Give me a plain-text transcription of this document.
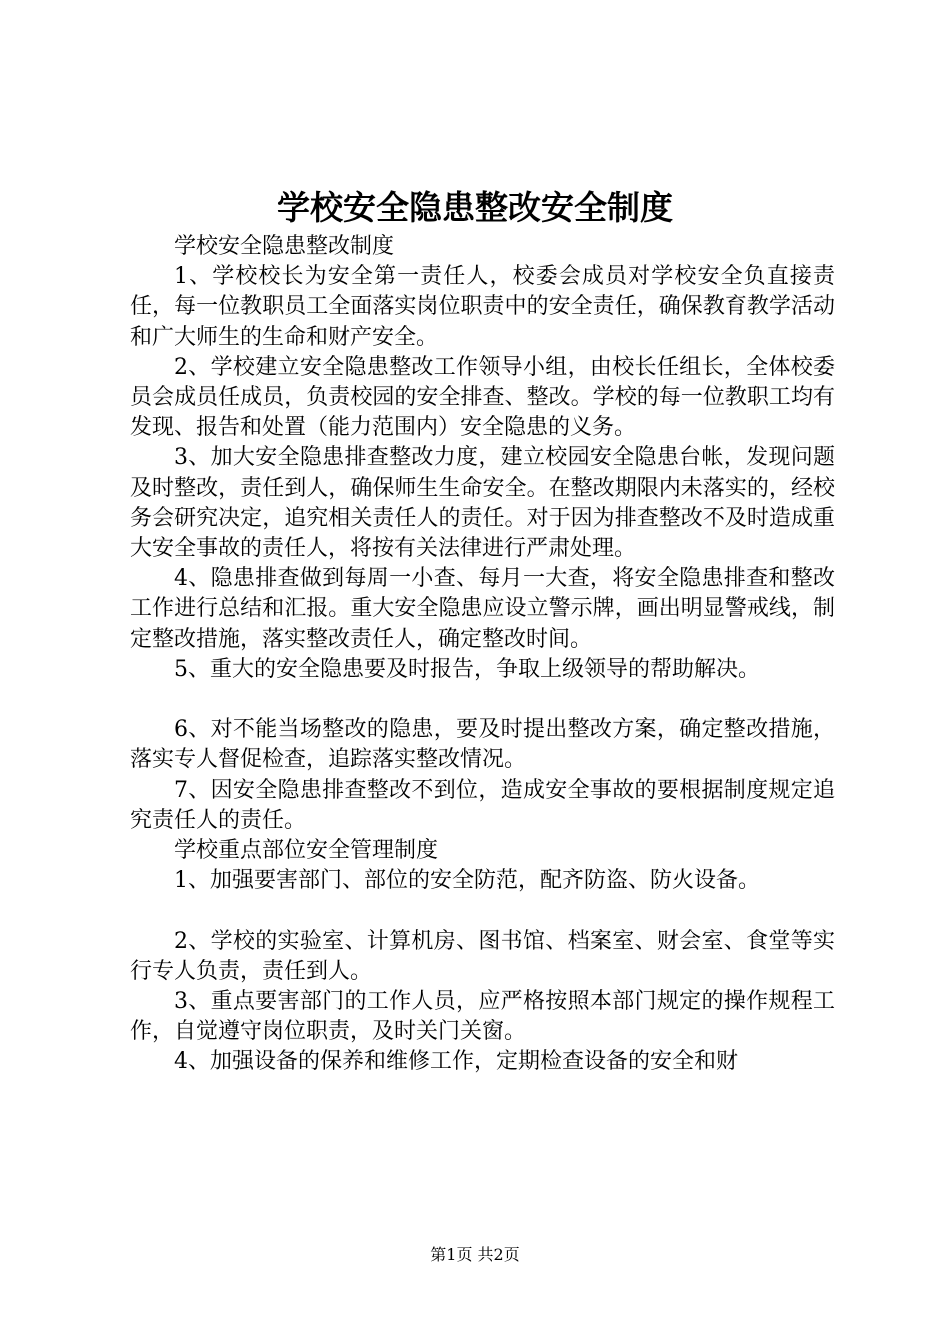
学校安全隐患整改安全制度

学校安全隐患整改制度

1、学校校长为安全第一责任人，校委会成员对学校安全负直接责任，每一位教职员工全面落实岗位职责中的安全责任，确保教育教学活动和广大师生的生命和财产安全。

2、学校建立安全隐患整改工作领导小组，由校长任组长，全体校委员会成员任成员，负责校园的安全排查、整改。学校的每一位教职工均有发现、报告和处置（能力范围内）安全隐患的义务。

3、加大安全隐患排查整改力度，建立校园安全隐患台帐，发现问题及时整改，责任到人，确保师生生命安全。在整改期限内未落实的，经校务会研究决定，追究相关责任人的责任。对于因为排查整改不及时造成重大安全事故的责任人，将按有关法律进行严肃处理。

4、隐患排查做到每周一小查、每月一大查，将安全隐患排查和整改工作进行总结和汇报。重大安全隐患应设立警示牌，画出明显警戒线，制定整改措施，落实整改责任人，确定整改时间。

5、重大的安全隐患要及时报告，争取上级领导的帮助解决。

6、对不能当场整改的隐患，要及时提出整改方案，确定整改措施，落实专人督促检查，追踪落实整改情况。

7、因安全隐患排查整改不到位，造成安全事故的要根据制度规定追究责任人的责任。

学校重点部位安全管理制度

1、加强要害部门、部位的安全防范，配齐防盗、防火设备。

2、学校的实验室、计算机房、图书馆、档案室、财会室、食堂等实行专人负责，责任到人。

3、重点要害部门的工作人员，应严格按照本部门规定的操作规程工作，自觉遵守岗位职责，及时关门关窗。

4、加强设备的保养和维修工作，定期检查设备的安全和财

第1页 共2页
